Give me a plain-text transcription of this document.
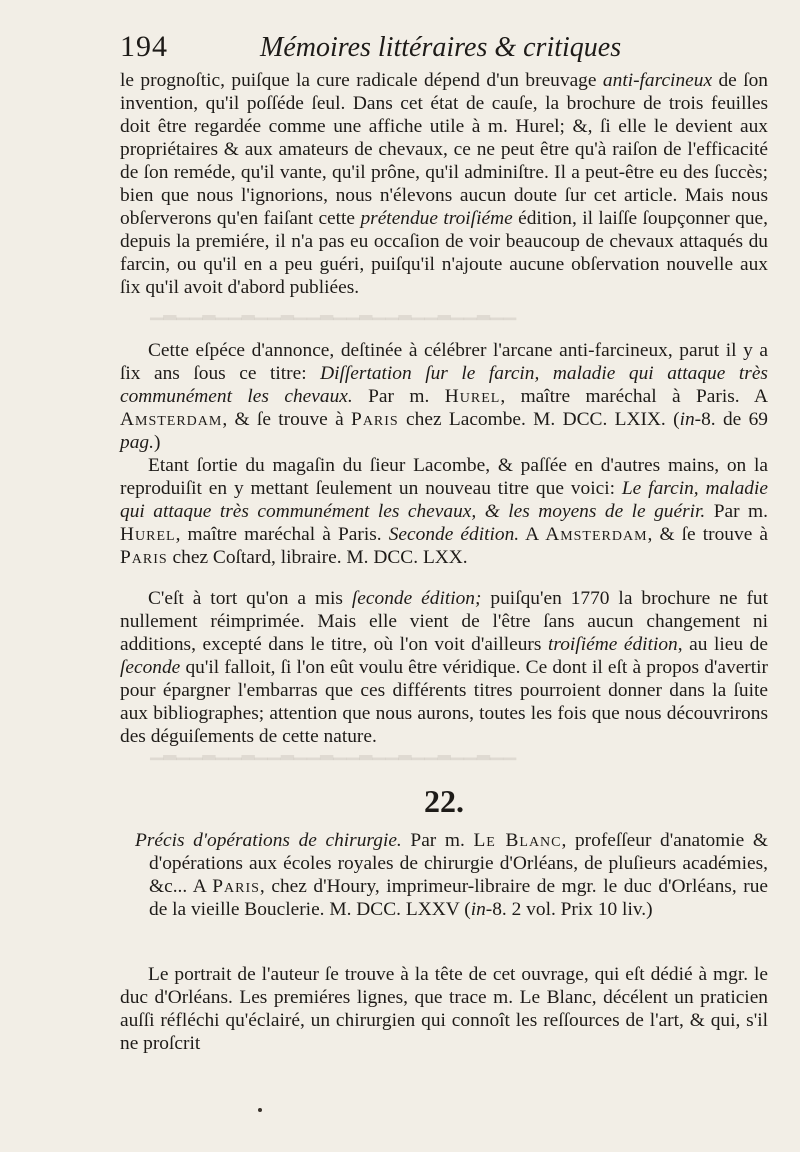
▁▂▁▁▂▁▁▂▁▁▂▁▁▂▁▁▂▁▁▂▁▁▂▁▁▂▁▁
▁▂▁▁▂▁▁▂▁▁▂▁▁▂▁▁▂▁▁▂▁▁▂▁▁▂▁▁
194	Mémoires littéraires & critiques

le prognoſtic, puiſque la cure radicale dépend d'un breuvage anti-farcineux de ſon invention, qu'il poſſéde ſeul. Dans cet état de cauſe, la brochure de trois feuilles doit être regardée comme une affiche utile à m. Hurel; &, ſi elle le devient aux propriétaires & aux amateurs de chevaux, ce ne peut être qu'à raiſon de l'efficacité de ſon reméde, qu'il vante, qu'il prône, qu'il adminiſtre. Il a peut-être eu des ſuccès; bien que nous l'ignorions, nous n'élevons aucun doute ſur cet article. Mais nous obſerverons qu'en faiſant cette prétendue troiſiéme édition, il laiſſe ſoupçonner que, depuis la premiére, il n'a pas eu occaſion de voir beaucoup de chevaux attaqués du farcin, ou qu'il en a peu guéri, puiſqu'il n'ajoute aucune obſervation nouvelle aux ſix qu'il avoit d'abord publiées.

Cette eſpéce d'annonce, deſtinée à célébrer l'arcane anti-farcineux, parut il y a ſix ans ſous ce titre: Diſſertation ſur le farcin, maladie qui attaque très communément les chevaux. Par m. Hurel, maître maréchal à Paris. A Amsterdam, & ſe trouve à Paris chez Lacombe. M. DCC. LXIX. (in-8. de 69 pag.)

Etant ſortie du magaſin du ſieur Lacombe, & paſſée en d'autres mains, on la reproduiſit en y mettant ſeulement un nouveau titre que voici: Le farcin, maladie qui attaque très communément les chevaux, & les moyens de le guérir. Par m. Hurel, maître maréchal à Paris. Seconde édition. A Amsterdam, & ſe trouve à Paris chez Coſtard, libraire. M. DCC. LXX.

C'eſt à tort qu'on a mis ſeconde édition; puiſqu'en 1770 la brochure ne fut nullement réimprimée. Mais elle vient de l'être ſans aucun changement ni additions, excepté dans le titre, où l'on voit d'ailleurs troiſiéme édition, au lieu de ſeconde qu'il falloit, ſi l'on eût voulu être véridique. Ce dont il eſt à propos d'avertir pour épargner l'embarras que ces différents titres pourroient donner dans la ſuite aux bibliographes; attention que nous aurons, toutes les fois que nous découvrirons des déguiſements de cette nature.

22.

Précis d'opérations de chirurgie. Par m. Le Blanc, profeſſeur d'anatomie & d'opérations aux écoles royales de chirurgie d'Orléans, de pluſieurs académies, &c... A Paris, chez d'Houry, imprimeur-libraire de mgr. le duc d'Orléans, rue de la vieille Bouclerie. M. DCC. LXXV (in-8. 2 vol. Prix 10 liv.)

Le portrait de l'auteur ſe trouve à la tête de cet ouvrage, qui eſt dédié à mgr. le duc d'Orléans. Les premiéres lignes, que trace m. Le Blanc, décélent un praticien auſſi réfléchi qu'éclairé, un chirurgien qui connoît les reſſources de l'art, & qui, s'il ne proſcrit
